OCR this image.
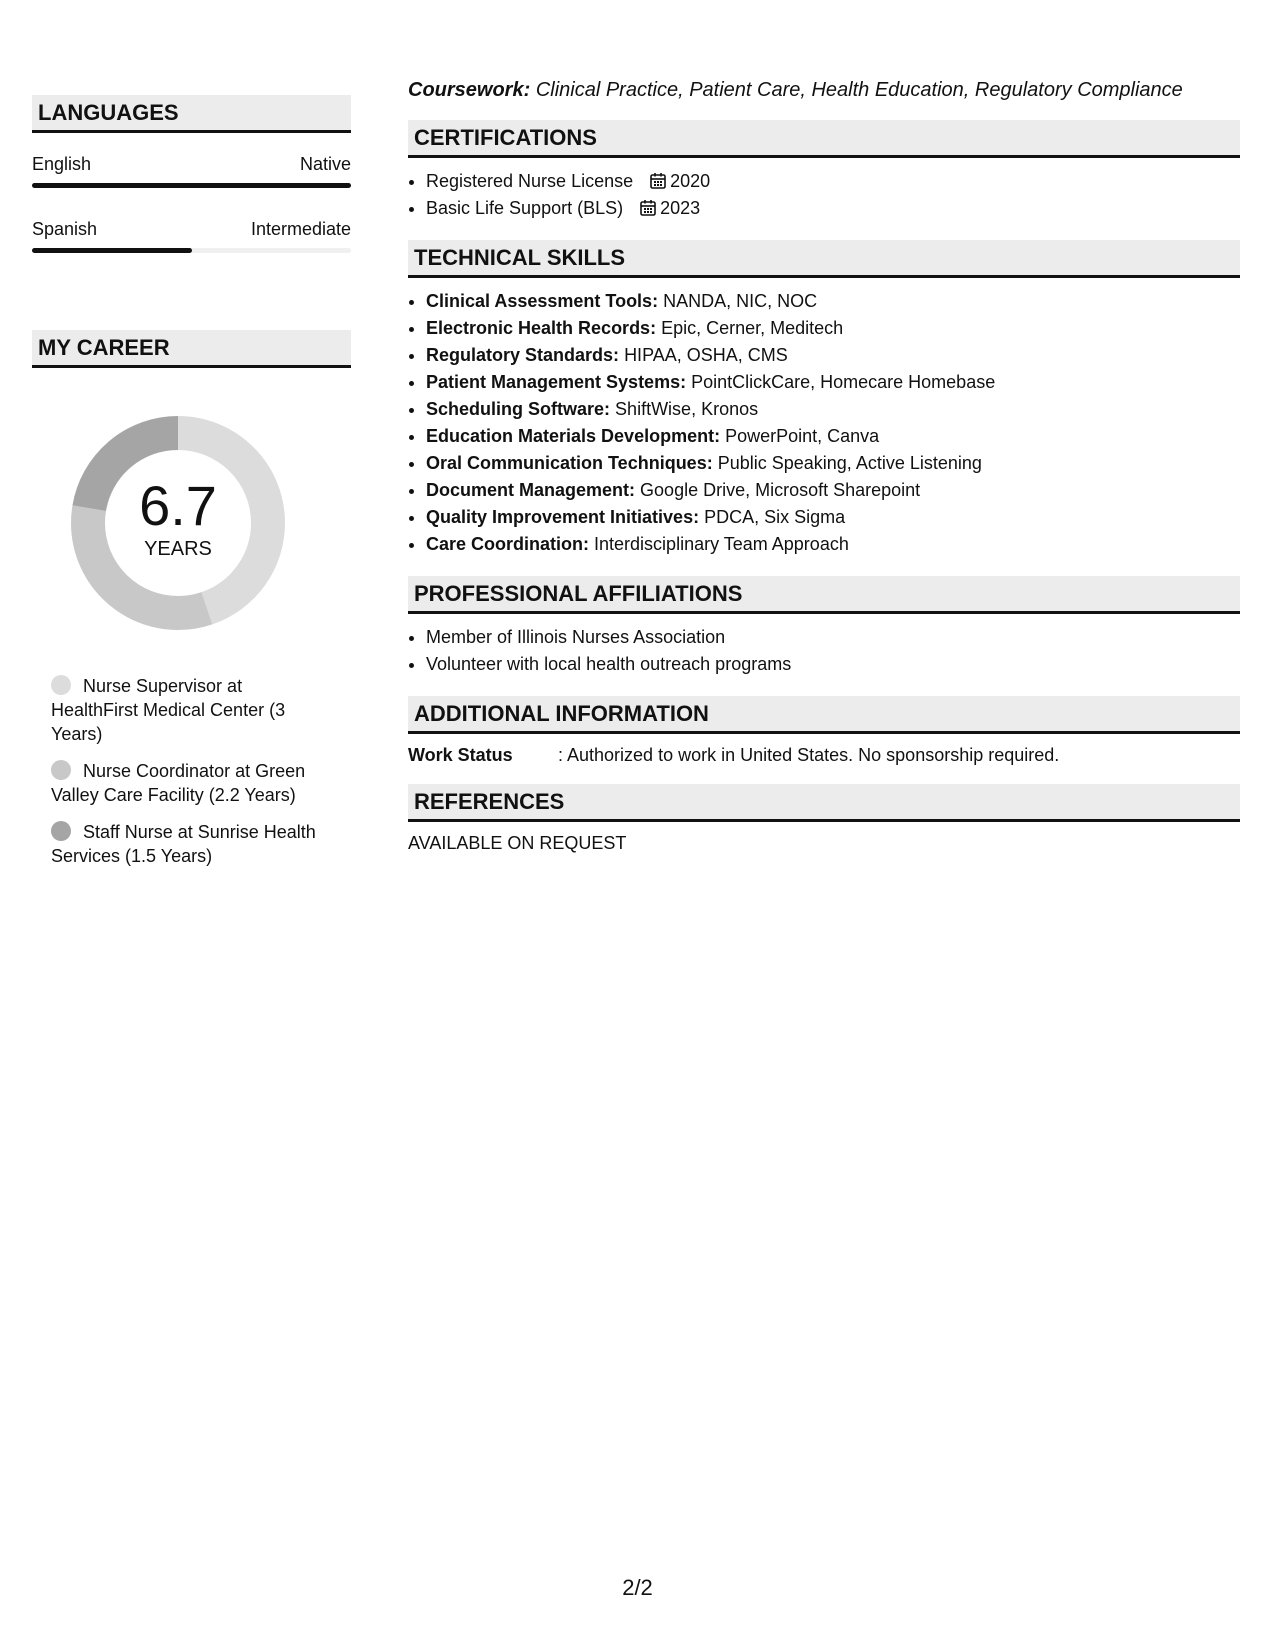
LANGUAGES
English	Native
Spanish	Intermediate
MY CAREER
6.7
YEARS
Nurse Supervisor at HealthFirst Medical Center (3 Years)
Nurse Coordinator at Green Valley Care Facility (2.2 Years)
Staff Nurse at Sunrise Health Services (1.5 Years)
Coursework: Clinical Practice, Patient Care, Health Education, Regulatory Compliance
CERTIFICATIONS
• Registered Nurse License 2020
• Basic Life Support (BLS) 2023
TECHNICAL SKILLS
• Clinical Assessment Tools: NANDA, NIC, NOC
• Electronic Health Records: Epic, Cerner, Meditech
• Regulatory Standards: HIPAA, OSHA, CMS
• Patient Management Systems: PointClickCare, Homecare Homebase
• Scheduling Software: ShiftWise, Kronos
• Education Materials Development: PowerPoint, Canva
• Oral Communication Techniques: Public Speaking, Active Listening
• Document Management: Google Drive, Microsoft Sharepoint
• Quality Improvement Initiatives: PDCA, Six Sigma
• Care Coordination: Interdisciplinary Team Approach
PROFESSIONAL AFFILIATIONS
• Member of Illinois Nurses Association
• Volunteer with local health outreach programs
ADDITIONAL INFORMATION
Work Status	: Authorized to work in United States. No sponsorship required.
REFERENCES
AVAILABLE ON REQUEST
2/2
